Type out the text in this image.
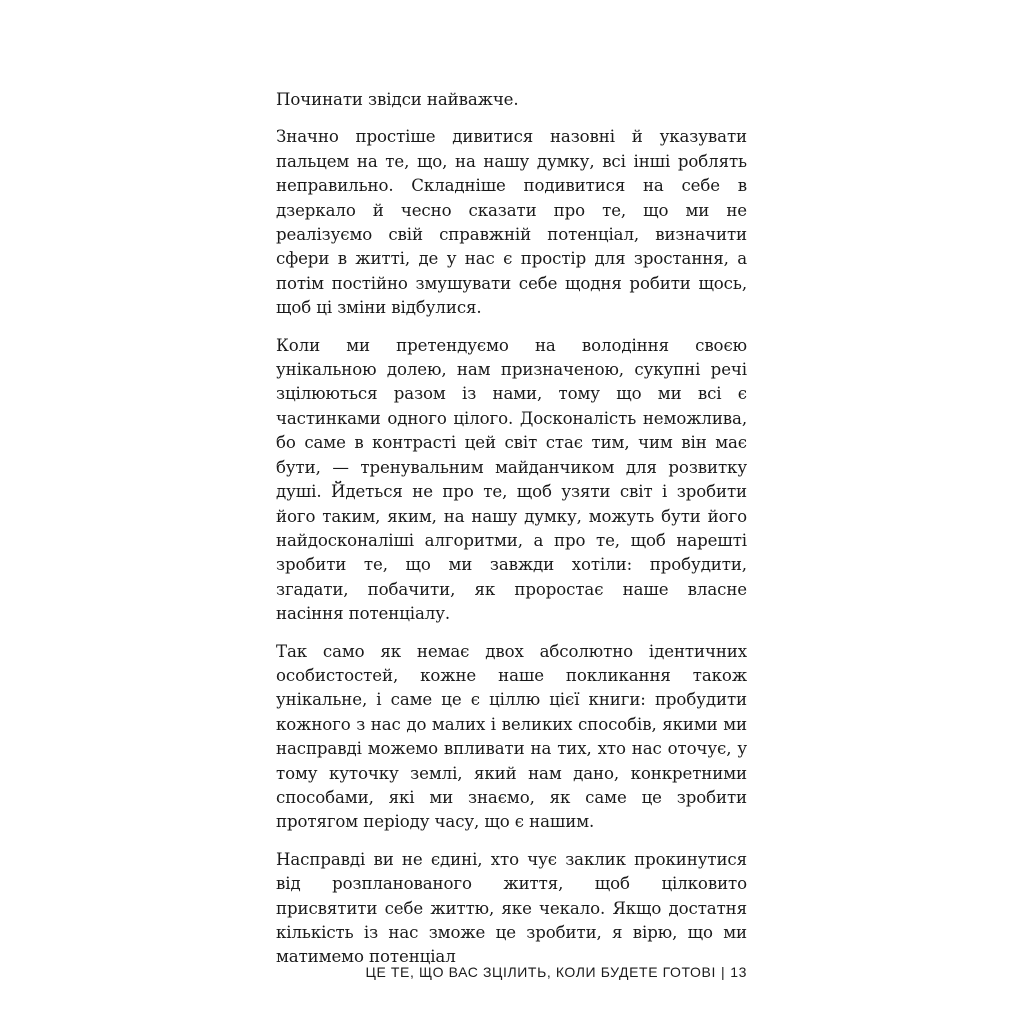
Починати звідси найважче.

Значно простіше дивитися назовні й указувати пальцем на те, що, на нашу думку, всі інші роблять неправильно. Складніше подивитися на себе в дзеркало й чесно сказати про те, що ми не реалізуємо свій справжній потенціал, визначити сфери в житті, де у нас є простір для зростання, а потім постійно змушувати себе щодня робити щось, щоб ці зміни відбулися.

Коли ми претендуємо на володіння своєю унікальною долею, нам призначеною, сукупні речі зцілюються разом із нами, тому що ми всі є частинками одного цілого. Досконалість неможлива, бо саме в контрасті цей світ стає тим, чим він має бути, — тренувальним майданчиком для розвитку душі. Йдеться не про те, щоб узяти світ і зробити його таким, яким, на нашу думку, можуть бути його найдосконаліші алгоритми, а про те, щоб нарешті зробити те, що ми завжди хотіли: пробудити, згадати, побачити, як проростає наше власне насіння потенціалу.

Так само як немає двох абсолютно ідентичних особистостей, кожне наше покликання також унікальне, і саме це є ціллю цієї книги: пробудити кожного з нас до малих і великих способів, якими ми насправді можемо впливати на тих, хто нас оточує, у тому куточку землі, який нам дано, конкретними способами, які ми знаємо, як саме це зробити протягом періоду часу, що є нашим.

Насправді ви не єдині, хто чує заклик прокинутися від розпланованого життя, щоб цілковито присвятити себе життю, яке чекало. Якщо достатня кількість із нас зможе це зробити, я вірю, що ми матимемо потенціал

ЦЕ ТЕ, ЩО ВАС ЗЦІЛИТЬ, КОЛИ БУДЕТЕ ГОТОВІ | 13
